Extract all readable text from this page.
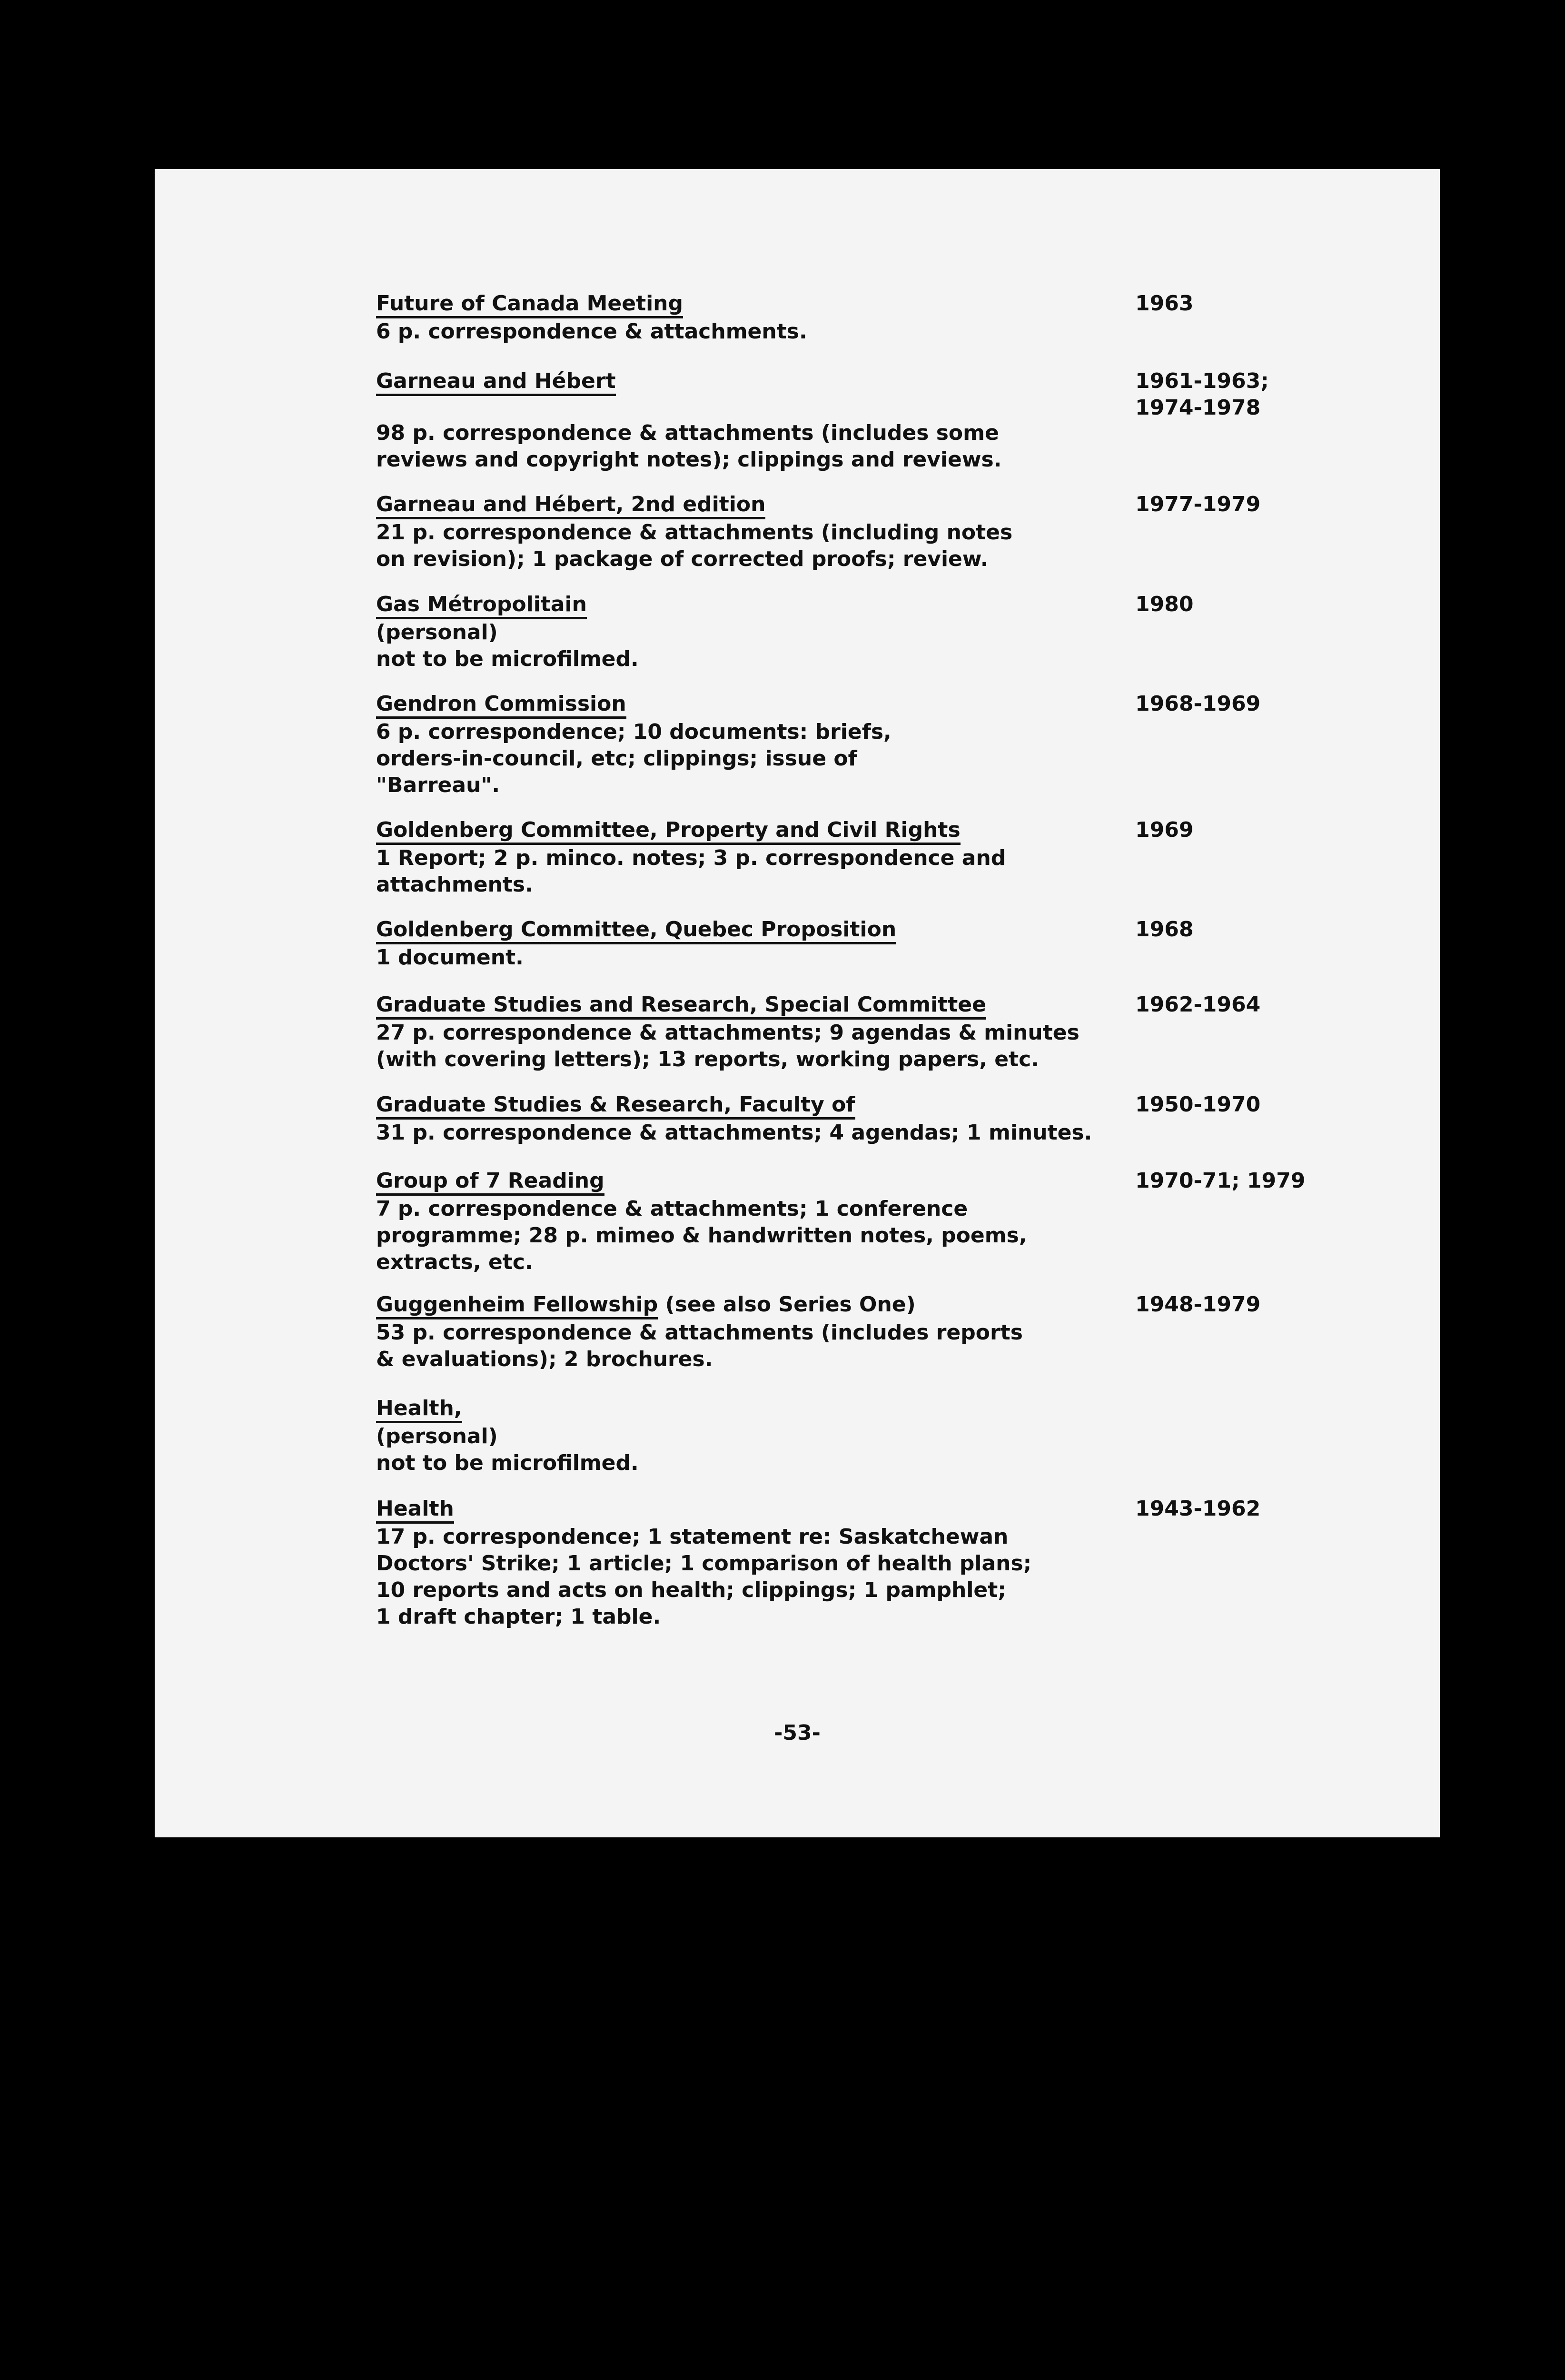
Future of Canada Meeting
6 p. correspondence & attachments.
1963
Garneau and Hébert
98 p. correspondence & attachments (includes some
reviews and copyright notes); clippings and reviews.
1961-1963;
1974-1978
Garneau and Hébert, 2nd edition
21 p. correspondence & attachments (including notes
on revision); 1 package of corrected proofs; review.
1977-1979
Gas Métropolitain
(personal)
not to be microfilmed.
1980
Gendron Commission
6 p. correspondence; 10 documents: briefs,
orders-in-council, etc; clippings; issue of
"Barreau".
1968-1969
Goldenberg Committee, Property and Civil Rights
1 Report; 2 p. minco. notes; 3 p. correspondence and
attachments.
1969
Goldenberg Committee, Quebec Proposition
1 document.
1968
Graduate Studies and Research, Special Committee
27 p. correspondence & attachments; 9 agendas & minutes
(with covering letters); 13 reports, working papers, etc.
1962-1964
Graduate Studies & Research, Faculty of
31 p. correspondence & attachments; 4 agendas; 1 minutes.
1950-1970
Group of 7 Reading
7 p. correspondence & attachments; 1 conference
programme; 28 p. mimeo & handwritten notes, poems,
extracts, etc.
1970-71; 1979
Guggenheim Fellowship (see also Series One)
53 p. correspondence & attachments (includes reports
& evaluations); 2 brochures.
1948-1979
Health,
(personal)
not to be microfilmed.
Health
17 p. correspondence; 1 statement re: Saskatchewan
Doctors' Strike; 1 article; 1 comparison of health plans;
10 reports and acts on health; clippings; 1 pamphlet;
1 draft chapter; 1 table.
1943-1962
-53-
